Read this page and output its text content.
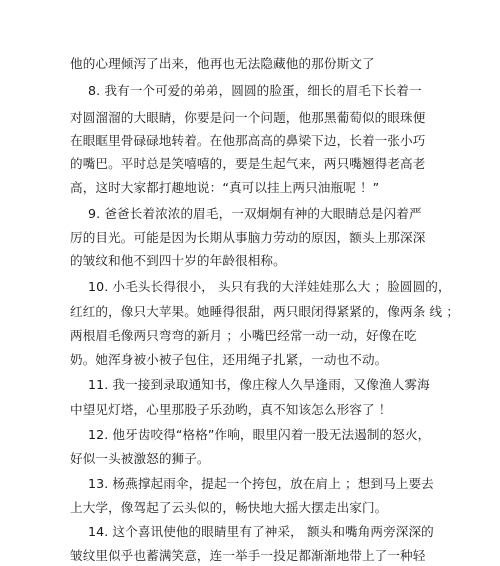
他的心理倾泻了出来，他再也无法隐藏他的那份斯文了
8. 我有一个可爱的弟弟，圆圆的脸蛋，细长的眉毛下长着一
对圆溜溜的大眼睛，你要是问一个问题，他那黑葡萄似的眼珠便
在眼眶里骨碌碌地转着。在他那高高的鼻梁下边，长着一张小巧
的嘴巴。平时总是笑嘻嘻的，要是生起气来，两只嘴翘得老高老
高，这时大家都打趣地说：“真可以挂上两只油瓶呢 ！”
9. 爸爸长着浓浓的眉毛，一双炯炯有神的大眼睛总是闪着严
厉的目光。可能是因为长期从事脑力劳动的原因，额头上那深深
的皱纹和他不到四十岁的年龄很相称。
10. 小毛头长得很小， 头只有我的大洋娃娃那么大 ；脸圆圆的，
红红的，像只大苹果。她睡得很甜，两只眼闭得紧紧的，像两条 线 ；
两根眉毛像两只弯弯的新月 ；小嘴巴经常一动一动，好像在吃
奶。她浑身被小被子包住，还用绳子扎紧，一动也不动。
11. 我一接到录取通知书，像庄稼人久旱逢雨，又像渔人雾海
中望见灯塔，心里那股子乐劲哟，真不知该怎么形容了 ！
12. 他牙齿咬得“格格”作响，眼里闪着一股无法遏制的怒火，
好似一头被激怒的狮子。
13. 杨燕撑起雨伞，提起一个挎包，放在肩上 ；想到马上要去
上大学，像驾起了云头似的，畅快地大摇大摆走出家门。
14. 这个喜讯使他的眼睛里有了神采， 额头和嘴角两旁深深的
皱纹里似乎也蓄满笑意，连一举手一投足都渐渐地带上了一种轻
